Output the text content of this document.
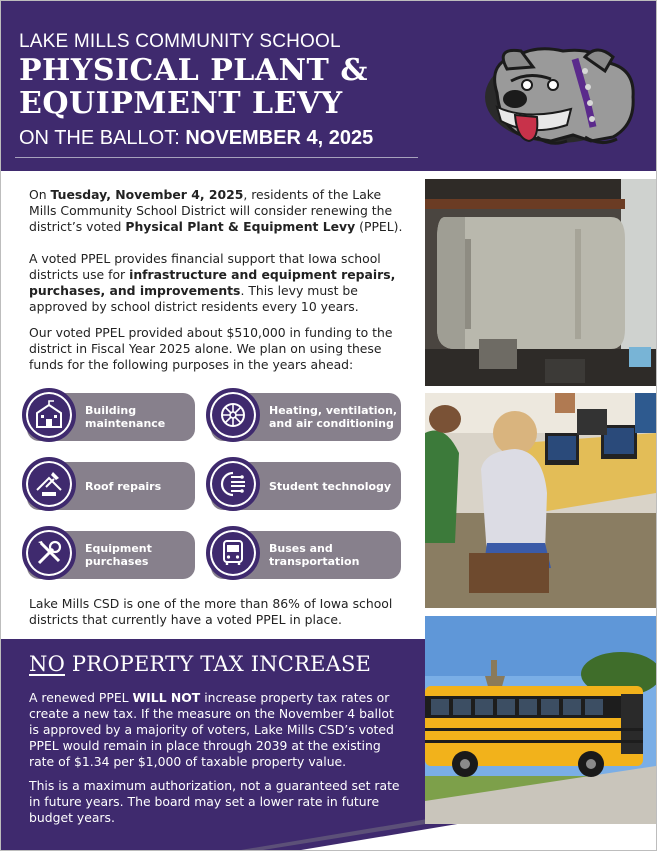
LAKE MILLS COMMUNITY SCHOOL
PHYSICAL PLANT &
EQUIPMENT LEVY
ON THE BALLOT: NOVEMBER 4, 2025

On Tuesday, November 4, 2025, residents of the Lake Mills Community School District will consider renewing the district’s voted Physical Plant & Equipment Levy (PPEL).

A voted PPEL provides financial support that Iowa school districts use for infrastructure and equipment repairs, purchases, and improvements. This levy must be approved by school district residents every 10 years.

Our voted PPEL provided about $510,000 in funding to the district in Fiscal Year 2025 alone. We plan on using these funds for the following purposes in the years ahead:

Building
maintenance
Heating, ventilation,
and air conditioning
Roof repairs	Student technology
Equipment
purchases
Buses and
transportation

Lake Mills CSD is one of the more than 86% of Iowa school districts that currently have a voted PPEL in place.

NO PROPERTY TAX INCREASE

A renewed PPEL WILL NOT increase property tax rates or create a new tax. If the measure on the November 4 ballot is approved by a majority of voters, Lake Mills CSD’s voted PPEL would remain in place through 2039 at the existing rate of $1.34 per $1,000 of taxable property value.

This is a maximum authorization, not a guaranteed set rate in future years. The board may set a lower rate in future budget years.
